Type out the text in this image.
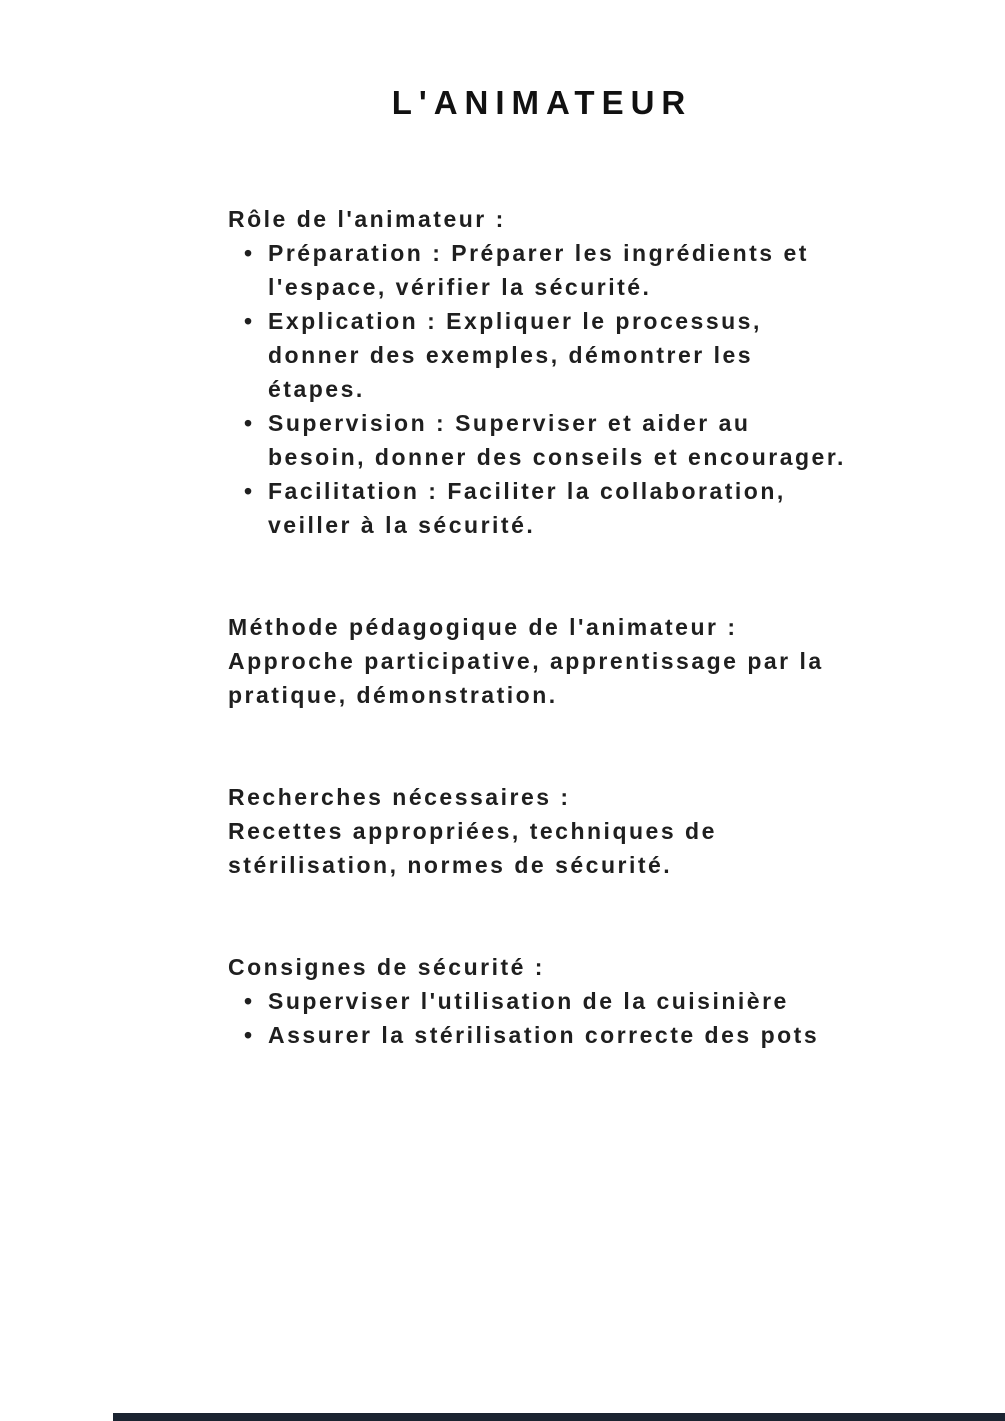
L'ANIMATEUR
Rôle de l'animateur :
• Préparation : Préparer les ingrédients et l'espace, vérifier la sécurité.
• Explication : Expliquer le processus, donner des exemples, démontrer les étapes.
• Supervision : Superviser et aider au besoin, donner des conseils et encourager.
• Facilitation : Faciliter la collaboration, veiller à la sécurité.
Méthode pédagogique de l'animateur :

Approche participative, apprentissage par la pratique, démonstration.

Recherches nécessaires :

Recettes appropriées, techniques de stérilisation, normes de sécurité.

Consignes de sécurité :
• Superviser l'utilisation de la cuisinière
• Assurer la stérilisation correcte des pots
